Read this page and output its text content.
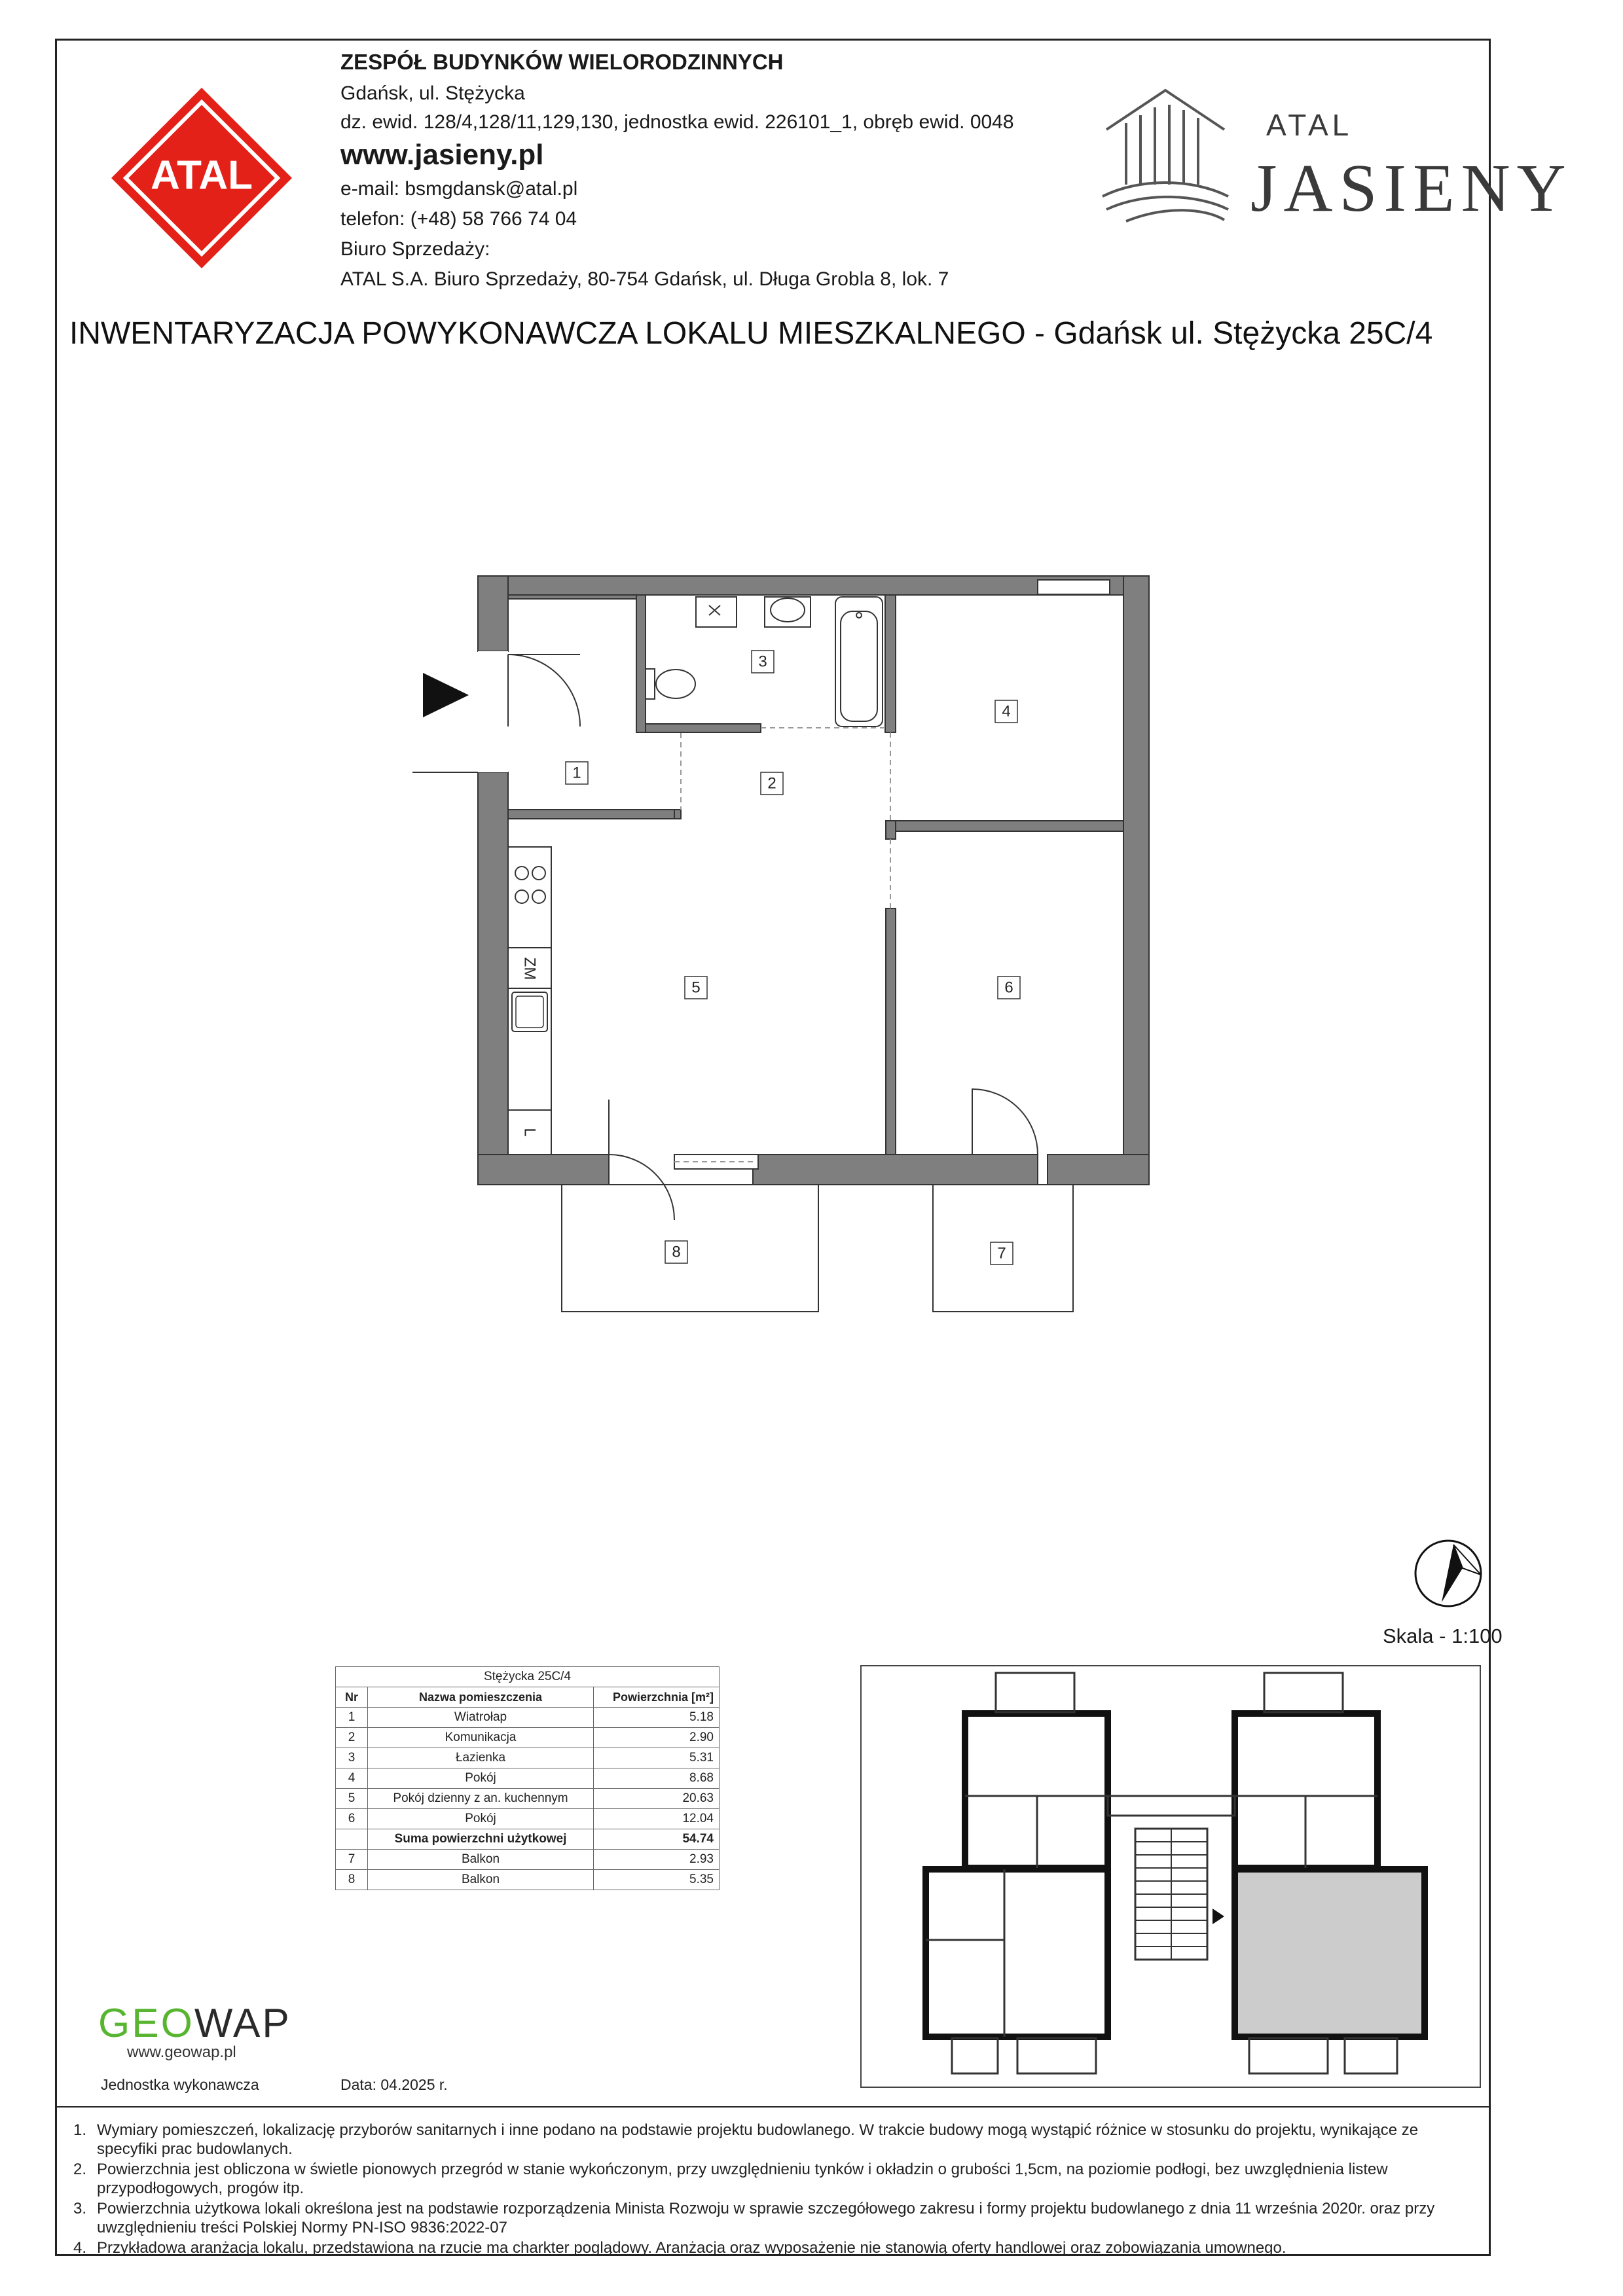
ATAL
ZESPÓŁ BUDYNKÓW WIELORODZINNYCH
Gdańsk, ul. Stężycka
dz. ewid. 128/4,128/11,129,130, jednostka ewid. 226101_1, obręb ewid. 0048
www.jasieny.pl
e-mail: bsmgdansk@atal.pl
telefon: (+48) 58 766 74 04
Biuro Sprzedaży:
ATAL S.A. Biuro Sprzedaży, 80-754 Gdańsk, ul. Długa Grobla 8, lok. 7
ATAL
JASIENY
INWENTARYZACJA POWYKONAWCZA LOKALU MIESZKALNEGO - Gdańsk ul. Stężycka 25C/4
ZM
L
1
2
3
4
5	6
7
8
Skala - 1:100
Stężycka 25C/4		
Nr	Nazwa pomieszczenia	Powierzchnia [m²]
1	Wiatrołap	5.18
2	Komunikacja	2.90
3	Łazienka	5.31
4	Pokój	8.68
5	Pokój dzienny z an. kuchennym	20.63
6	Pokój	12.04
	Suma powierzchni użytkowej	54.74
7	Balkon	2.93
8	Balkon	5.35
GEOWAP
www.geowap.pl
Jednostka wykonawcza	Data: 04.2025 r.
1. Wymiary pomieszczeń, lokalizację przyborów sanitarnych i inne podano na podstawie projektu budowlanego. W trakcie budowy mogą wystąpić różnice w stosunku do projektu, wynikające ze specyfiki prac budowlanych.
2. Powierzchnia jest obliczona w świetle pionowych przegród w stanie wykończonym, przy uwzględnieniu tynków i okładzin o grubości 1,5cm, na poziomie podłogi, bez uwzględnienia listew przypodłogowych, progów itp.
3. Powierzchnia użytkowa lokali określona jest na podstawie rozporządzenia Minista Rozwoju w sprawie szczegółowego zakresu i formy projektu budowlanego z dnia 11 września 2020r. oraz przy uwzględnieniu treści Polskiej Normy PN-ISO 9836:2022-07
4. Przykładowa aranżacja lokalu, przedstawiona na rzucie ma charkter poglądowy. Aranżacja oraz wyposażenie nie stanowią oferty handlowej oraz zobowiązania umownego.
